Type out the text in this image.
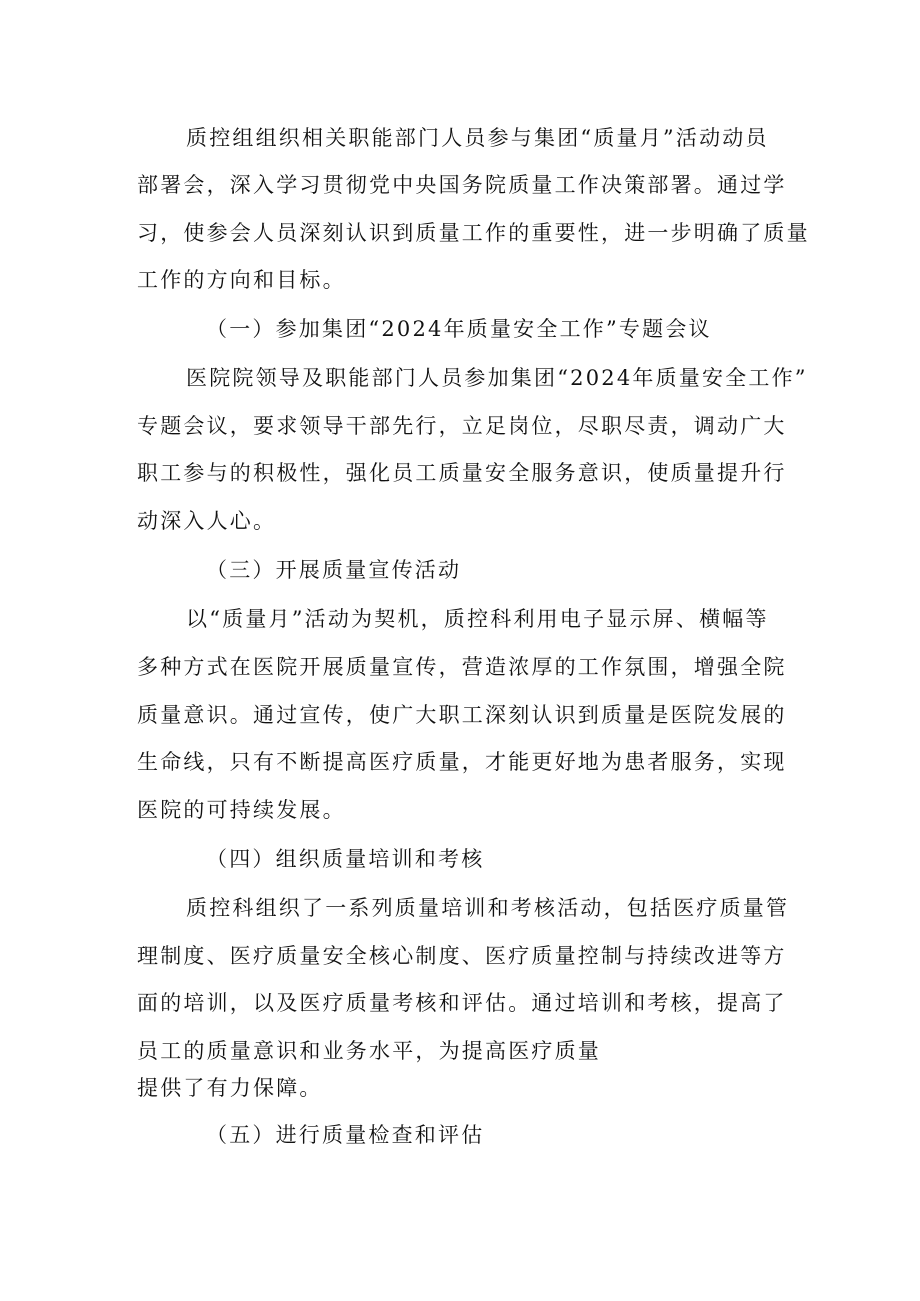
质控组组织相关职能部门人员参与集团“质量月”活动动员
部署会，深入学习贯彻党中央国务院质量工作决策部署。通过学
习，使参会人员深刻认识到质量工作的重要性，进一步明确了质量
工作的方向和目标。
（一）参加集团“2024年质量安全工作”专题会议
医院院领导及职能部门人员参加集团“2024年质量安全工作”
专题会议，要求领导干部先行，立足岗位，尽职尽责，调动广大
职工参与的积极性，强化员工质量安全服务意识，使质量提升行
动深入人心。
（三）开展质量宣传活动
以“质量月”活动为契机，质控科利用电子显示屏、横幅等
多种方式在医院开展质量宣传，营造浓厚的工作氛围，增强全院
质量意识。通过宣传，使广大职工深刻认识到质量是医院发展的
生命线，只有不断提高医疗质量，才能更好地为患者服务，实现
医院的可持续发展。
（四）组织质量培训和考核
质控科组织了一系列质量培训和考核活动，包括医疗质量管
理制度、医疗质量安全核心制度、医疗质量控制与持续改进等方
面的培训，以及医疗质量考核和评估。通过培训和考核，提高了
员工的质量意识和业务水平，为提高医疗质量
提供了有力保障。
（五）进行质量检查和评估
